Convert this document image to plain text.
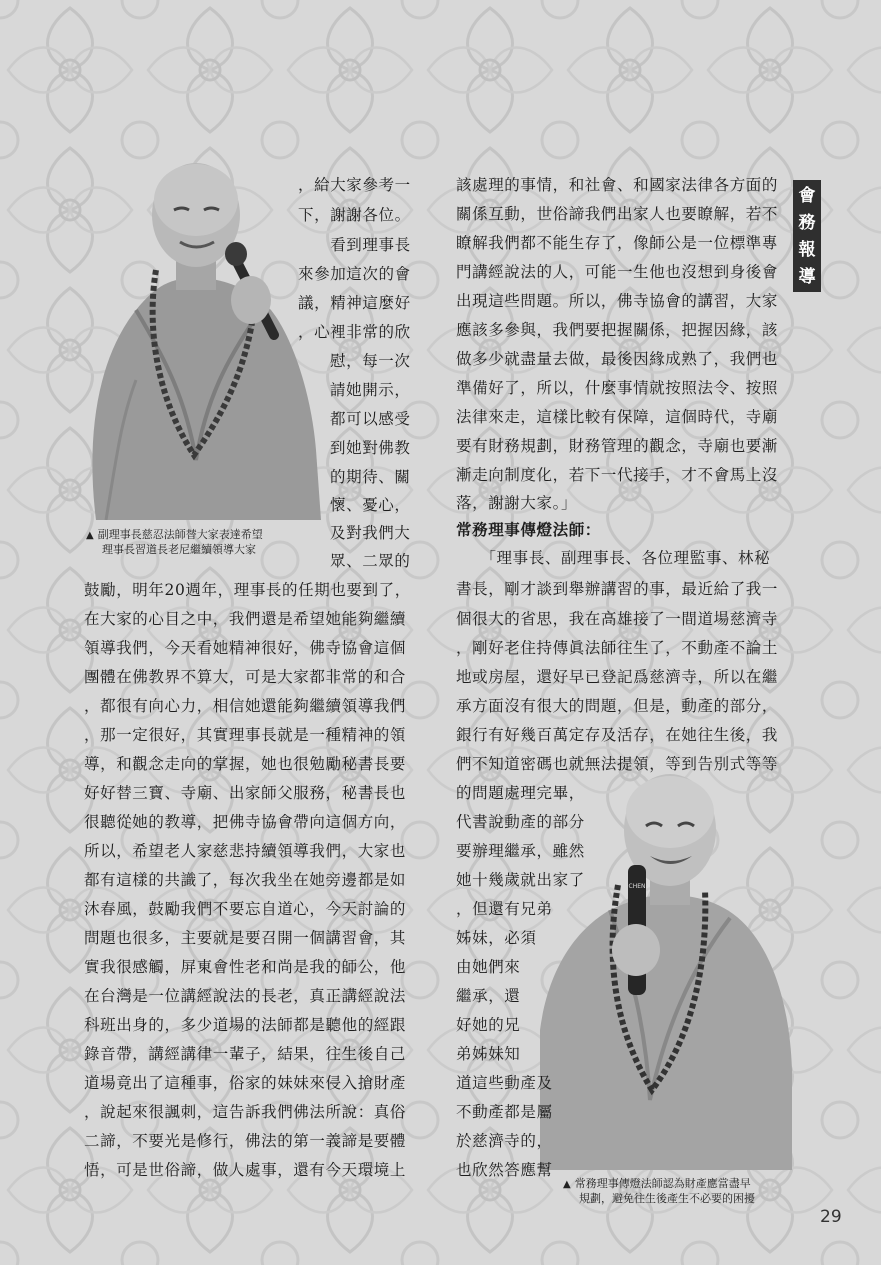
CHEN
會
務
報
導
，給大家參考一
下，謝謝各位。
　　看到理事長
來參加這次的會
議，精神這麼好
，心裡非常的欣
慰，每一次
請她開示，
都可以感受
到她對佛教
的期待、關
懷、憂心，
及對我們大
眾、二眾的
▲ 副理事長慈忍法師替大家表達希望
理事長習道長老尼繼續領導大家
鼓勵，明年20週年，理事長的任期也要到了，
在大家的心目之中，我們還是希望她能夠繼續
領導我們，今天看她精神很好，佛寺協會這個
團體在佛教界不算大，可是大家都非常的和合
，都很有向心力，相信她還能夠繼續領導我們
，那一定很好，其實理事長就是一種精神的領
導，和觀念走向的掌握，她也很勉勵秘書長要
好好替三寶、寺廟、出家師父服務，秘書長也
很聽從她的教導，把佛寺協會帶向這個方向，
所以，希望老人家慈悲持續領導我們，大家也
都有這樣的共識了，每次我坐在她旁邊都是如
沐春風，鼓勵我們不要忘自道心，今天討論的
問題也很多，主要就是要召開一個講習會，其
實我很感觸，屏東會性老和尚是我的師公，他
在台灣是一位講經說法的長老，真正講經說法
科班出身的，多少道場的法師都是聽他的經跟
錄音帶，講經講律一輩子，結果，往生後自己
道場竟出了這種事，俗家的妹妹來侵入搶財產
，說起來很諷刺，這告訴我們佛法所說：真俗
二諦，不要光是修行，佛法的第一義諦是要體
悟，可是世俗諦，做人處事，還有今天環境上
該處理的事情，和社會、和國家法律各方面的
關係互動，世俗諦我們出家人也要瞭解，若不
瞭解我們都不能生存了，像師公是一位標準專
門講經說法的人，可能一生他也沒想到身後會
出現這些問題。所以，佛寺協會的講習，大家
應該多參與，我們要把握關係，把握因緣，該
做多少就盡量去做，最後因緣成熟了，我們也
準備好了，所以，什麼事情就按照法令、按照
法律來走，這樣比較有保障，這個時代，寺廟
要有財務規劃，財務管理的觀念，寺廟也要漸
漸走向制度化，若下一代接手，才不會馬上沒
落，謝謝大家。」
常務理事傳燈法師：
　　「理事長、副理事長、各位理監事、林秘
書長，剛才談到舉辦講習的事，最近給了我一
個很大的省思，我在高雄接了一間道場慈濟寺
，剛好老住持傳眞法師往生了，不動產不論土
地或房屋，還好早已登記爲慈濟寺，所以在繼
承方面沒有很大的問題，但是，動產的部分，
銀行有好幾百萬定存及活存，在她往生後，我
們不知道密碼也就無法提領，等到告別式等等
的問題處理完畢，
代書說動產的部分
要辦理繼承，雖然
她十幾歲就出家了
，但還有兄弟
姊妹，必須
由她們來
繼承，還
好她的兄
弟姊妹知
道這些動產及
不動產都是屬
於慈濟寺的，
也欣然答應幫
▲ 常務理事傳燈法師認為財產應當盡早
規劃，避免往生後產生不必要的困擾
29
